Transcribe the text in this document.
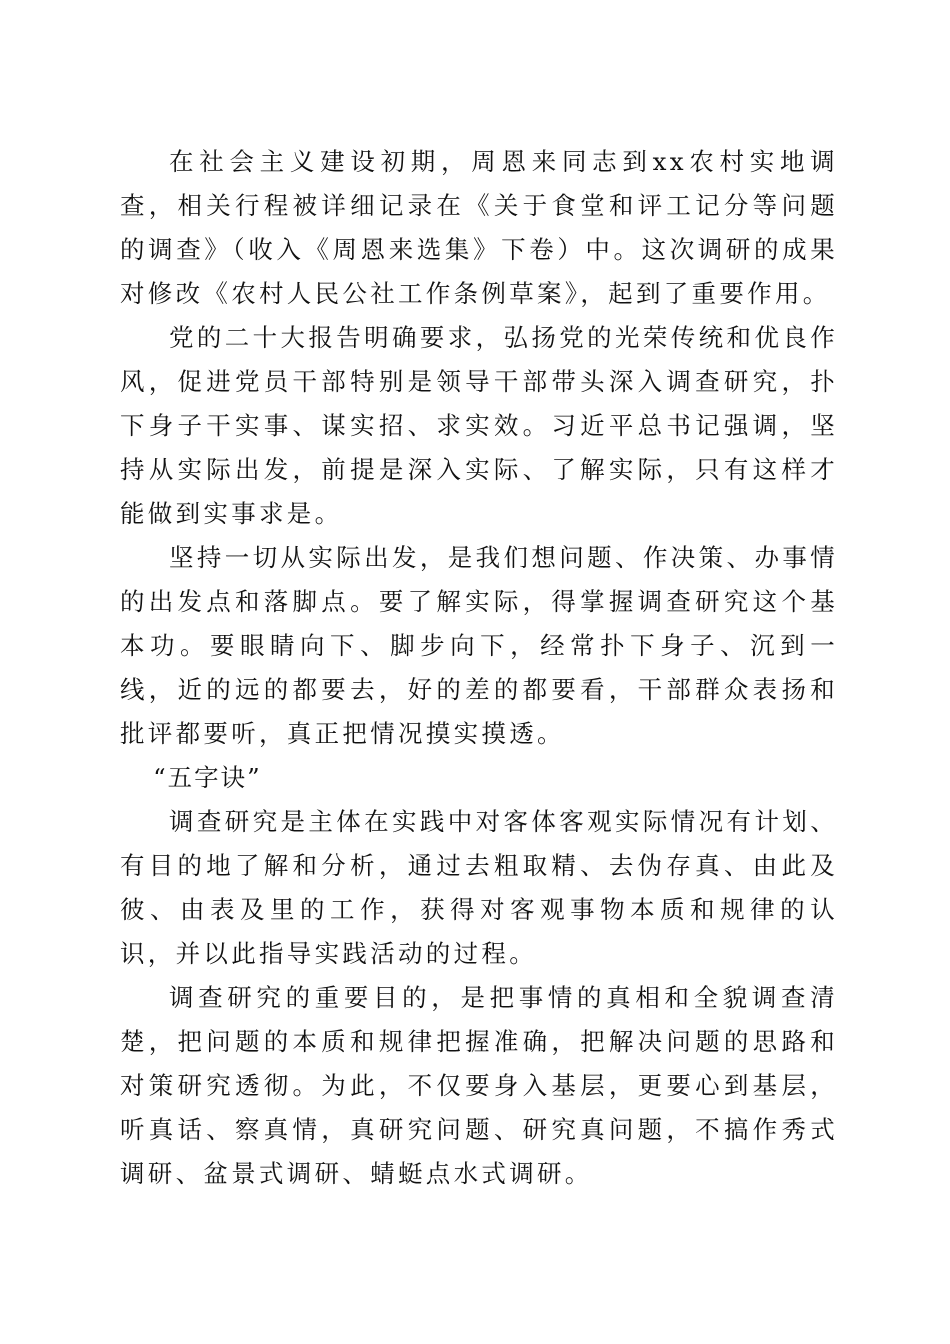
在社会主义建设初期，周恩来同志到xx农村实地调查，相关行程被详细记录在《关于食堂和评工记分等问题的调查》（收入《周恩来选集》下卷）中。这次调研的成果对修改《农村人民公社工作条例草案》，起到了重要作用。

党的二十大报告明确要求，弘扬党的光荣传统和优良作风，促进党员干部特别是领导干部带头深入调查研究，扑下身子干实事、谋实招、求实效。习近平总书记强调，坚持从实际出发，前提是深入实际、了解实际，只有这样才能做到实事求是。

坚持一切从实际出发，是我们想问题、作决策、办事情的出发点和落脚点。要了解实际，得掌握调查研究这个基本功。要眼睛向下、脚步向下，经常扑下身子、沉到一线，近的远的都要去，好的差的都要看，干部群众表扬和批评都要听，真正把情况摸实摸透。

“五字诀”

调查研究是主体在实践中对客体客观实际情况有计划、有目的地了解和分析，通过去粗取精、去伪存真、由此及彼、由表及里的工作，获得对客观事物本质和规律的认识，并以此指导实践活动的过程。

调查研究的重要目的，是把事情的真相和全貌调查清楚，把问题的本质和规律把握准确，把解决问题的思路和对策研究透彻。为此，不仅要身入基层，更要心到基层，听真话、察真情，真研究问题、研究真问题，不搞作秀式调研、盆景式调研、蜻蜓点水式调研。
